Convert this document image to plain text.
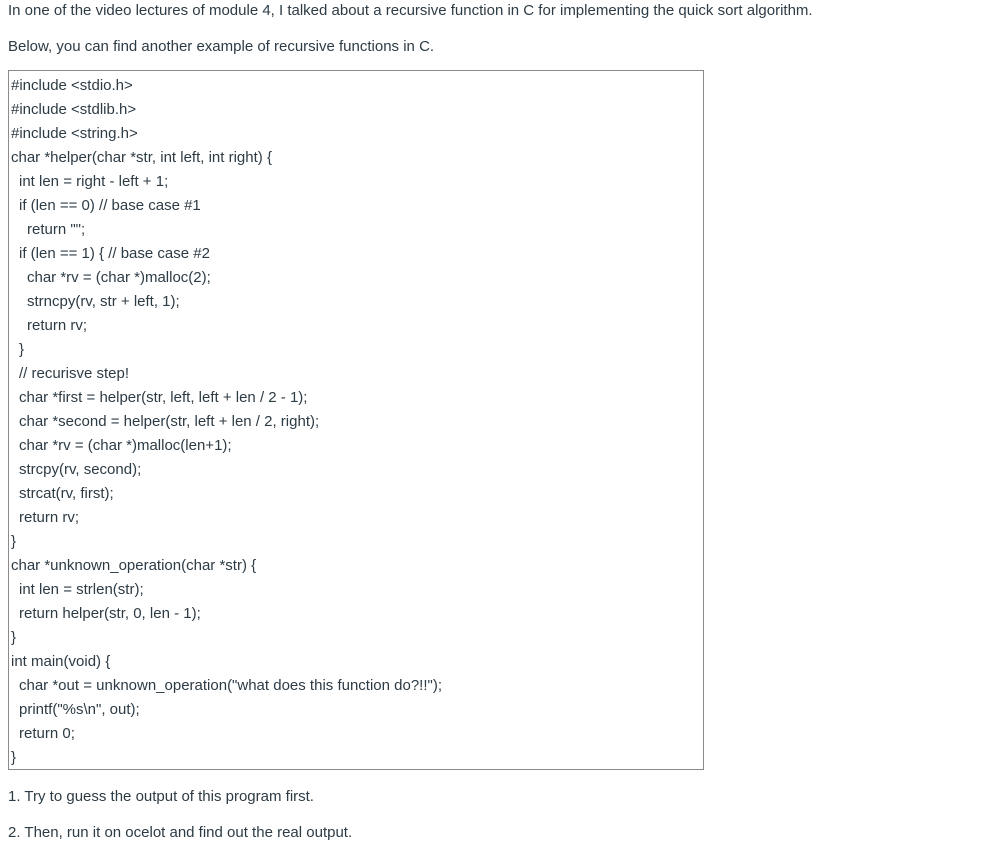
In one of the video lectures of module 4, I talked about a recursive function in C for implementing the quick sort algorithm.

Below, you can find another example of recursive functions in C.

#include <stdio.h>
#include <stdlib.h>
#include <string.h>
char *helper(char *str, int left, int right) {
int len = right - left + 1;
if (len == 0) // base case #1
return "";
if (len == 1) { // base case #2
char *rv = (char *)malloc(2);
strncpy(rv, str + left, 1);
return rv;
}
// recurisve step!
char *first = helper(str, left, left + len / 2 - 1);
char *second = helper(str, left + len / 2, right);
char *rv = (char *)malloc(len+1);
strcpy(rv, second);
strcat(rv, first);
return rv;
}
char *unknown_operation(char *str) {
int len = strlen(str);
return helper(str, 0, len - 1);
}
int main(void) {
char *out = unknown_operation("what does this function do?!!");
printf("%s\n", out);
return 0;
}

1. Try to guess the output of this program first.

2. Then, run it on ocelot and find out the real output.
